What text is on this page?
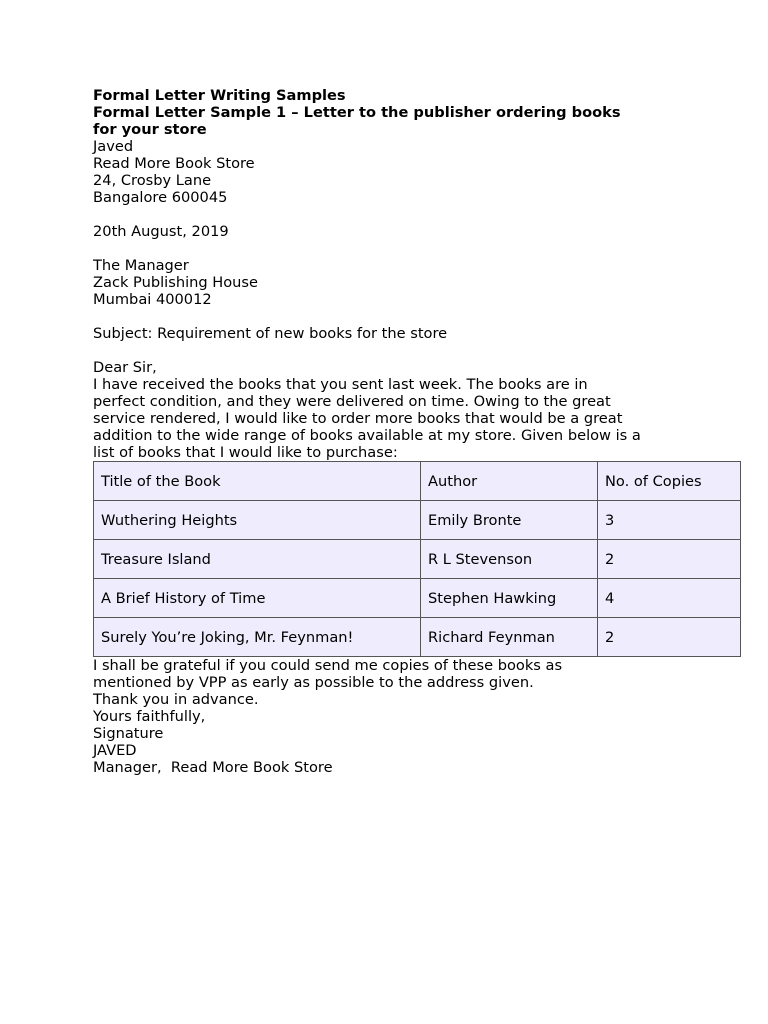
Formal Letter Writing Samples
Formal Letter Sample 1 – Letter to the publisher ordering books
for your store
Javed
Read More Book Store
24, Crosby Lane
Bangalore 600045
20th August, 2019
The Manager
Zack Publishing House
Mumbai 400012
Subject: Requirement of new books for the store
Dear Sir,
I have received the books that you sent last week. The books are in
perfect condition, and they were delivered on time. Owing to the great
service rendered, I would like to order more books that would be a great
addition to the wide range of books available at my store. Given below is a
list of books that I would like to purchase:
Title of the Book	Author	No. of Copies
Wuthering Heights	Emily Bronte	3
Treasure Island	R L Stevenson	2
A Brief History of Time	Stephen Hawking	4
Surely You’re Joking, Mr. Feynman!	Richard Feynman	2
I shall be grateful if you could send me copies of these books as
mentioned by VPP as early as possible to the address given.
Thank you in advance.
Yours faithfully,
Signature
JAVED
Manager,  Read More Book Store
